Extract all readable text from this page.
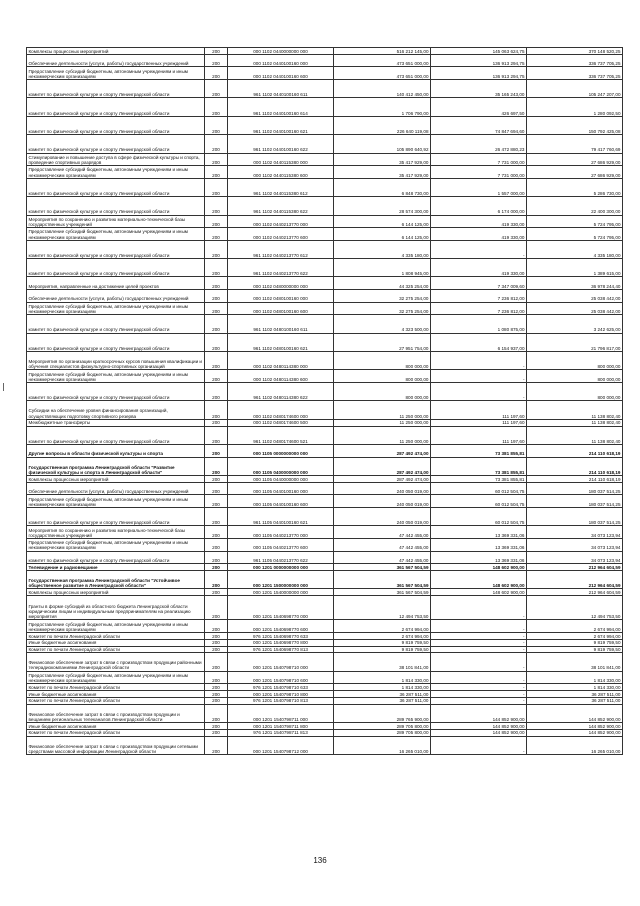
Комплексы процессных мероприятий	200	000 1102 0440000000 000	516 212 145,00	145 063 624,75	370 148 520,25
Обеспечение деятельности (услуги, работы) государственных учреждений	200	000 1102 0440100160 000	473 651 000,00	136 913 294,75	336 737 705,25
Предоставление субсидий бюджетным, автономным учреждениям и иным некоммерческим организациям	200	000 1102 0440100160 600	473 651 000,00	136 913 294,75	336 737 705,25
комитет по физической культуре и спорту Ленинградской области	200	961 1102 0440100160 611	140 412 450,00	35 165 243,00	105 247 207,00
комитет по физической культуре и спорту Ленинградской области	200	961 1102 0440100160 614	1 706 790,00	426 697,50	1 280 092,50
комитет по физической культуре и спорту Ленинградской области	200	961 1102 0440100160 621	226 640 119,08	74 847 694,60	150 792 425,08
комитет по физической культуре и спорту Ленинградской области	200	961 1102 0440100160 622	105 890 640,92	26 472 880,23	79 417 760,69
Стимулирование и повышение доступа в сфере физической культуры и спорта, проведение спортивных разрядов	200	000 1102 0440115380 000	35 417 929,00	7 731 000,00	27 686 929,00
Предоставление субсидий бюджетным, автономным учреждениям и иным некоммерческим организациям	200	000 1102 0440115380 600	35 417 929,00	7 731 000,00	27 686 929,00
комитет по физической культуре и спорту Ленинградской области	200	961 1102 0440115380 612	6 848 730,00	1 557 000,00	5 286 730,00
комитет по физической культуре и спорту Ленинградской области	200	961 1102 0440115380 622	28 574 300,00	6 174 000,00	22 400 300,00
Мероприятия по сохранению и развитию материально-технической базы государственных учреждений	200	000 1102 0440213770 000	6 144 125,00	419 330,00	5 724 795,00
Предоставление субсидий бюджетным, автономным учреждениям и иным некоммерческим организациям	200	000 1102 0440213770 600	6 144 125,00	419 330,00	5 724 795,00
комитет по физической культуре и спорту Ленинградской области	200	961 1102 0440213770 612	4 335 180,00	-	4 335 180,00
комитет по физической культуре и спорту Ленинградской области	200	961 1102 0440213770 622	1 808 945,00	419 330,00	1 389 615,00
Мероприятия, направленные на достижение целей проектов	200	000 1102 0480000000 000	44 325 254,00	7 347 009,60	36 978 244,40
Обеспечение деятельности (услуги, работы) государственных учреждений	200	000 1102 0480100160 000	32 275 254,00	7 236 812,00	25 038 442,00
Предоставление субсидий бюджетным, автономным учреждениям и иным некоммерческим организациям	200	000 1102 0480100160 600	32 275 254,00	7 236 812,00	25 038 442,00
комитет по физической культуре и спорту Ленинградской области	200	961 1102 0480100160 611	4 323 500,00	1 080 875,00	3 242 625,00
комитет по физической культуре и спорту Ленинградской области	200	961 1102 0480100160 621	27 951 754,00	6 154 937,00	21 796 817,00
Мероприятия по организации краткосрочных курсов повышения квалификации и обучения специалистов физкультурно-спортивных организаций	200	000 1102 0480114380 000	800 000,00	-	800 000,00
Предоставление субсидий бюджетным, автономным учреждениям и иным некоммерческим организациям	200	000 1102 0480114380 600	800 000,00	-	800 000,00
комитет по физической культуре и спорту Ленинградской области	200	961 1102 0480114380 622	800 000,00	-	800 000,00
Субсидии на обеспечение уровня финансирования организаций, осуществляющих подготовку спортивного резерва	200	000 1102 0480174600 000	11 250 000,00	111 197,60	11 138 802,40
Межбюджетные трансферты	200	000 1102 0480174600 500	11 250 000,00	111 197,60	11 138 802,40
комитет по физической культуре и спорту Ленинградской области	200	961 1102 0480174600 521	11 250 000,00	111 197,60	11 138 802,40
Другие вопросы в области физической культуры и спорта	200	000 1105 0000000000 000	287 492 474,00	73 381 855,81	214 110 618,19
Государственная программа Ленинградской области "Развитие физической культуры и спорта в Ленинградской области"	200	000 1105 0400000000 000	287 492 474,00	73 381 855,81	214 110 618,19
Комплексы процессных мероприятий	200	000 1105 0440000000 000	287 492 474,00	73 381 855,81	214 110 618,19
Обеспечение деятельности (услуги, работы) государственных учреждений	200	000 1105 0440100160 000	240 050 019,00	60 012 504,75	180 037 514,25
Предоставление субсидий бюджетным, автономным учреждениям и иным некоммерческим организациям	200	000 1105 0440100160 600	240 050 019,00	60 012 504,75	180 037 514,25
комитет по физической культуре и спорту Ленинградской области	200	961 1105 0440100160 621	240 050 019,00	60 012 504,75	180 037 514,25
Мероприятия по сохранению и развитию материально-технической базы государственных учреждений	200	000 1105 0440213770 000	47 442 455,00	13 369 331,06	34 073 123,94
Предоставление субсидий бюджетным, автономным учреждениям и иным некоммерческим организациям	200	000 1105 0440213770 600	47 442 455,00	13 369 331,06	34 073 123,94
комитет по физической культуре и спорту Ленинградской области	200	961 1105 0440213770 622	47 442 455,00	13 369 331,06	34 073 123,94
Телевидение и радиовещание	200	000 1201 0000000000 000	361 567 504,59	148 602 900,00	212 964 604,59
Государственная программа Ленинградской области "Устойчивое общественное развитие в Ленинградской области"	200	000 1201 1500000000 000	361 567 504,59	148 602 900,00	212 964 604,59
Комплексы процессных мероприятий	200	000 1201 1540000000 000	361 567 504,59	148 602 900,00	212 964 604,59
Гранты в форме субсидий из областного бюджета Ленинградской области юридическим лицам и индивидуальным предпринимателям на реализацию мероприятия	200	000 1201 1540698770 000	12 494 753,50	-	12 494 753,50
Предоставление субсидий бюджетным, автономным учреждениям и иным некоммерческим организациям	200	000 1201 1540698770 600	2 674 994,00	-	2 674 994,00
Комитет по печати Ленинградской области	200	976 1201 1540698770 633	2 674 994,00	-	2 674 994,00
Иные бюджетные ассигнования	200	000 1201 1540698770 800	9 819 759,50	-	9 819 759,50
Комитет по печати Ленинградской области	200	976 1201 1540698770 813	9 819 759,50	-	9 819 759,50
Финансовое обеспечение затрат в связи с производством продукции районными телерадиокомпаниями Ленинградской области	200	000 1201 1540798710 000	38 101 841,00	-	38 101 841,00
Предоставление субсидий бюджетным, автономным учреждениям и иным некоммерческим организациям	200	000 1201 1540798710 600	1 814 330,00	-	1 814 330,00
Комитет по печати Ленинградской области	200	976 1201 1540798710 633	1 814 330,00	-	1 814 330,00
Иные бюджетные ассигнования	200	000 1201 1540798710 800	36 287 511,00	-	36 287 511,00
Комитет по печати Ленинградской области	200	976 1201 1540798710 813	36 287 511,00	-	36 287 511,00
Финансовое обеспечение затрат в связи с производством продукции и вещанием региональных телеканалов Ленинградской области	200	000 1201 1540798711 000	289 765 900,00	144 852 900,00	144 852 900,00
Иные бюджетные ассигнования	200	000 1201 1540798711 800	289 705 800,00	144 852 900,00	144 852 900,00
Комитет по печати Ленинградской области	200	976 1201 1540798711 813	289 705 800,00	144 852 900,00	144 852 900,00
Финансовое обеспечение затрат в связи с производством продукции сетевыми средствами массовой информации Ленинградской области	200	000 1201 1540798712 000	16 265 010,00	-	16 265 010,00
136
